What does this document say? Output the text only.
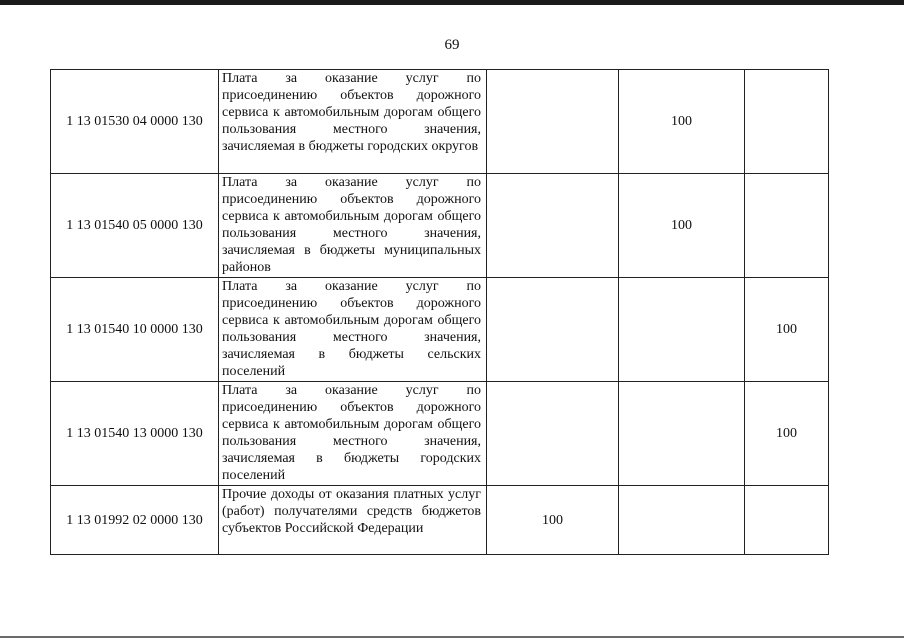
69
1 13 01530 04 0000 130	Плата за оказание услуг по присоединению объектов дорожного сервиса к автомобильным дорогам общего пользования местного значения, зачисляемая в бюджеты городских округов		100	
1 13 01540 05 0000 130	Плата за оказание услуг по присоединению объектов дорожного сервиса к автомобильным дорогам общего пользования местного значения, зачисляемая в бюджеты муниципальных районов		100	
1 13 01540 10 0000 130	Плата за оказание услуг по присоединению объектов дорожного сервиса к автомобильным дорогам общего пользования местного значения, зачисляемая в бюджеты сельских поселений			100
1 13 01540 13 0000 130	Плата за оказание услуг по присоединению объектов дорожного сервиса к автомобильным дорогам общего пользования местного значения, зачисляемая в бюджеты городских поселений			100
1 13 01992 02 0000 130	Прочие доходы от оказания платных услуг (работ) получателями средств бюджетов субъектов Российской Федерации	100		
